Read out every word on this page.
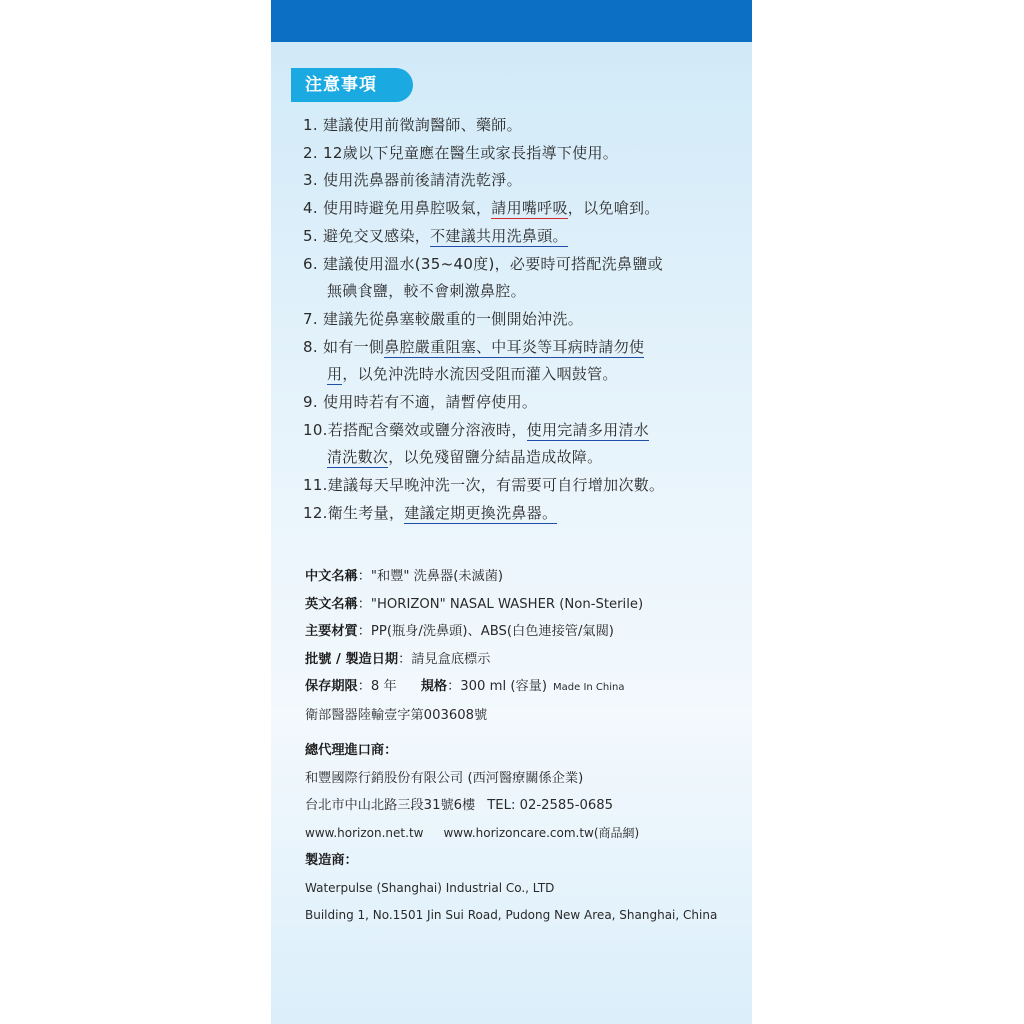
注意事項
1. 建議使用前徵詢醫師、藥師。
2. 12歲以下兒童應在醫生或家長指導下使用。
3. 使用洗鼻器前後請清洗乾淨。
4. 使用時避免用鼻腔吸氣，請用嘴呼吸，以免嗆到。
5. 避免交叉感染，不建議共用洗鼻頭。
6. 建議使用溫水(35~40度)，必要時可搭配洗鼻鹽或
無碘食鹽，較不會刺激鼻腔。
7. 建議先從鼻塞較嚴重的一側開始沖洗。
8. 如有一側鼻腔嚴重阻塞、中耳炎等耳病時請勿使
用，以免沖洗時水流因受阻而灌入咽鼓管。
9. 使用時若有不適，請暫停使用。
10.若搭配含藥效或鹽分溶液時，使用完請多用清水
清洗數次，以免殘留鹽分結晶造成故障。
11.建議每天早晚沖洗一次，有需要可自行增加次數。
12.衛生考量，建議定期更換洗鼻器。
中文名稱："和豐" 洗鼻器(未滅菌)
英文名稱："HORIZON" NASAL WASHER (Non-Sterile)
主要材質：PP(瓶身/洗鼻頭)、ABS(白色連接管/氣閥)
批號 / 製造日期：請見盒底標示
保存期限：8 年 規格：300 ml (容量) Made In China
衛部醫器陸輸壹字第003608號
總代理進口商：
和豐國際行銷股份有限公司 (西河醫療關係企業)
台北市中山北路三段31號6樓 TEL: 02-2585-0685
www.horizon.net.tw www.horizoncare.com.tw(商品網)
製造商：
Waterpulse (Shanghai) Industrial Co., LTD
Building 1, No.1501 Jin Sui Road, Pudong New Area, Shanghai, China
